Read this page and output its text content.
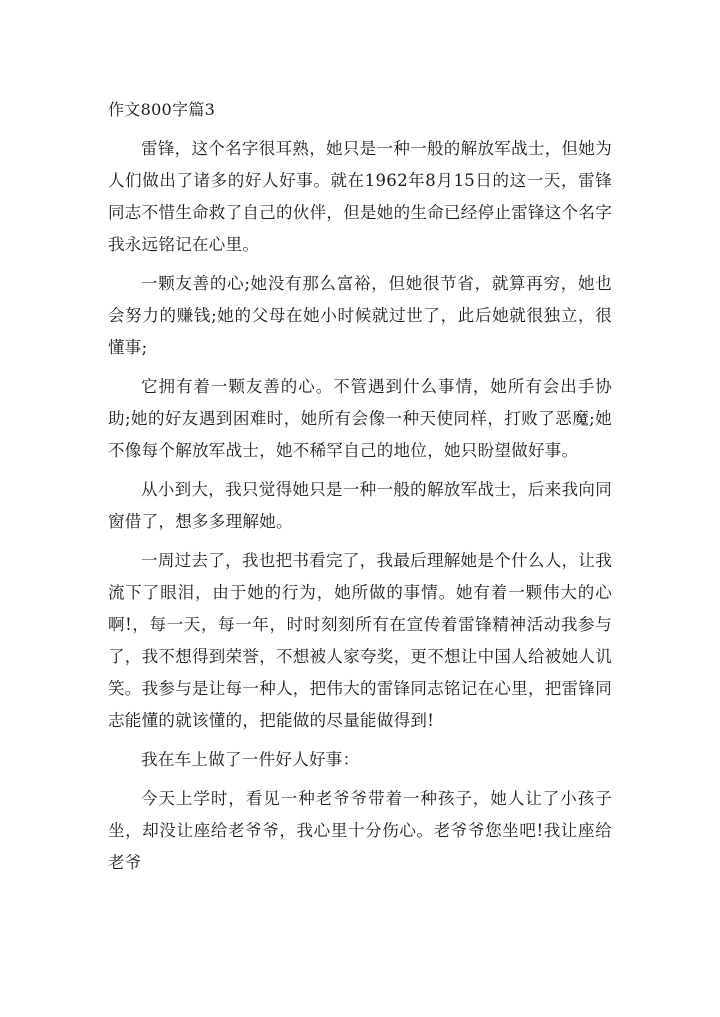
作文800字篇3

雷锋，这个名字很耳熟，她只是一种一般的解放军战士，但她为人们做出了诸多的好人好事。就在1962年8月15日的这一天，雷锋同志不惜生命救了自己的伙伴，但是她的生命已经停止雷锋这个名字我永远铭记在心里。

一颗友善的心;她没有那么富裕，但她很节省，就算再穷，她也会努力的赚钱;她的父母在她小时候就过世了，此后她就很独立，很懂事;

它拥有着一颗友善的心。不管遇到什么事情，她所有会出手协助;她的好友遇到困难时，她所有会像一种天使同样，打败了恶魔;她不像每个解放军战士，她不稀罕自己的地位，她只盼望做好事。

从小到大，我只觉得她只是一种一般的解放军战士，后来我向同窗借了，想多多理解她。

一周过去了，我也把书看完了，我最后理解她是个什么人，让我流下了眼泪，由于她的行为，她所做的事情。她有着一颗伟大的心啊!，每一天，每一年，时时刻刻所有在宣传着雷锋精神活动我参与了，我不想得到荣誉，不想被人家夸奖，更不想让中国人给被她人讥笑。我参与是让每一种人，把伟大的雷锋同志铭记在心里，把雷锋同志能懂的就该懂的，把能做的尽量能做得到!

我在车上做了一件好人好事：

今天上学时，看见一种老爷爷带着一种孩子，她人让了小孩子坐，却没让座给老爷爷，我心里十分伤心。老爷爷您坐吧!我让座给老爷
